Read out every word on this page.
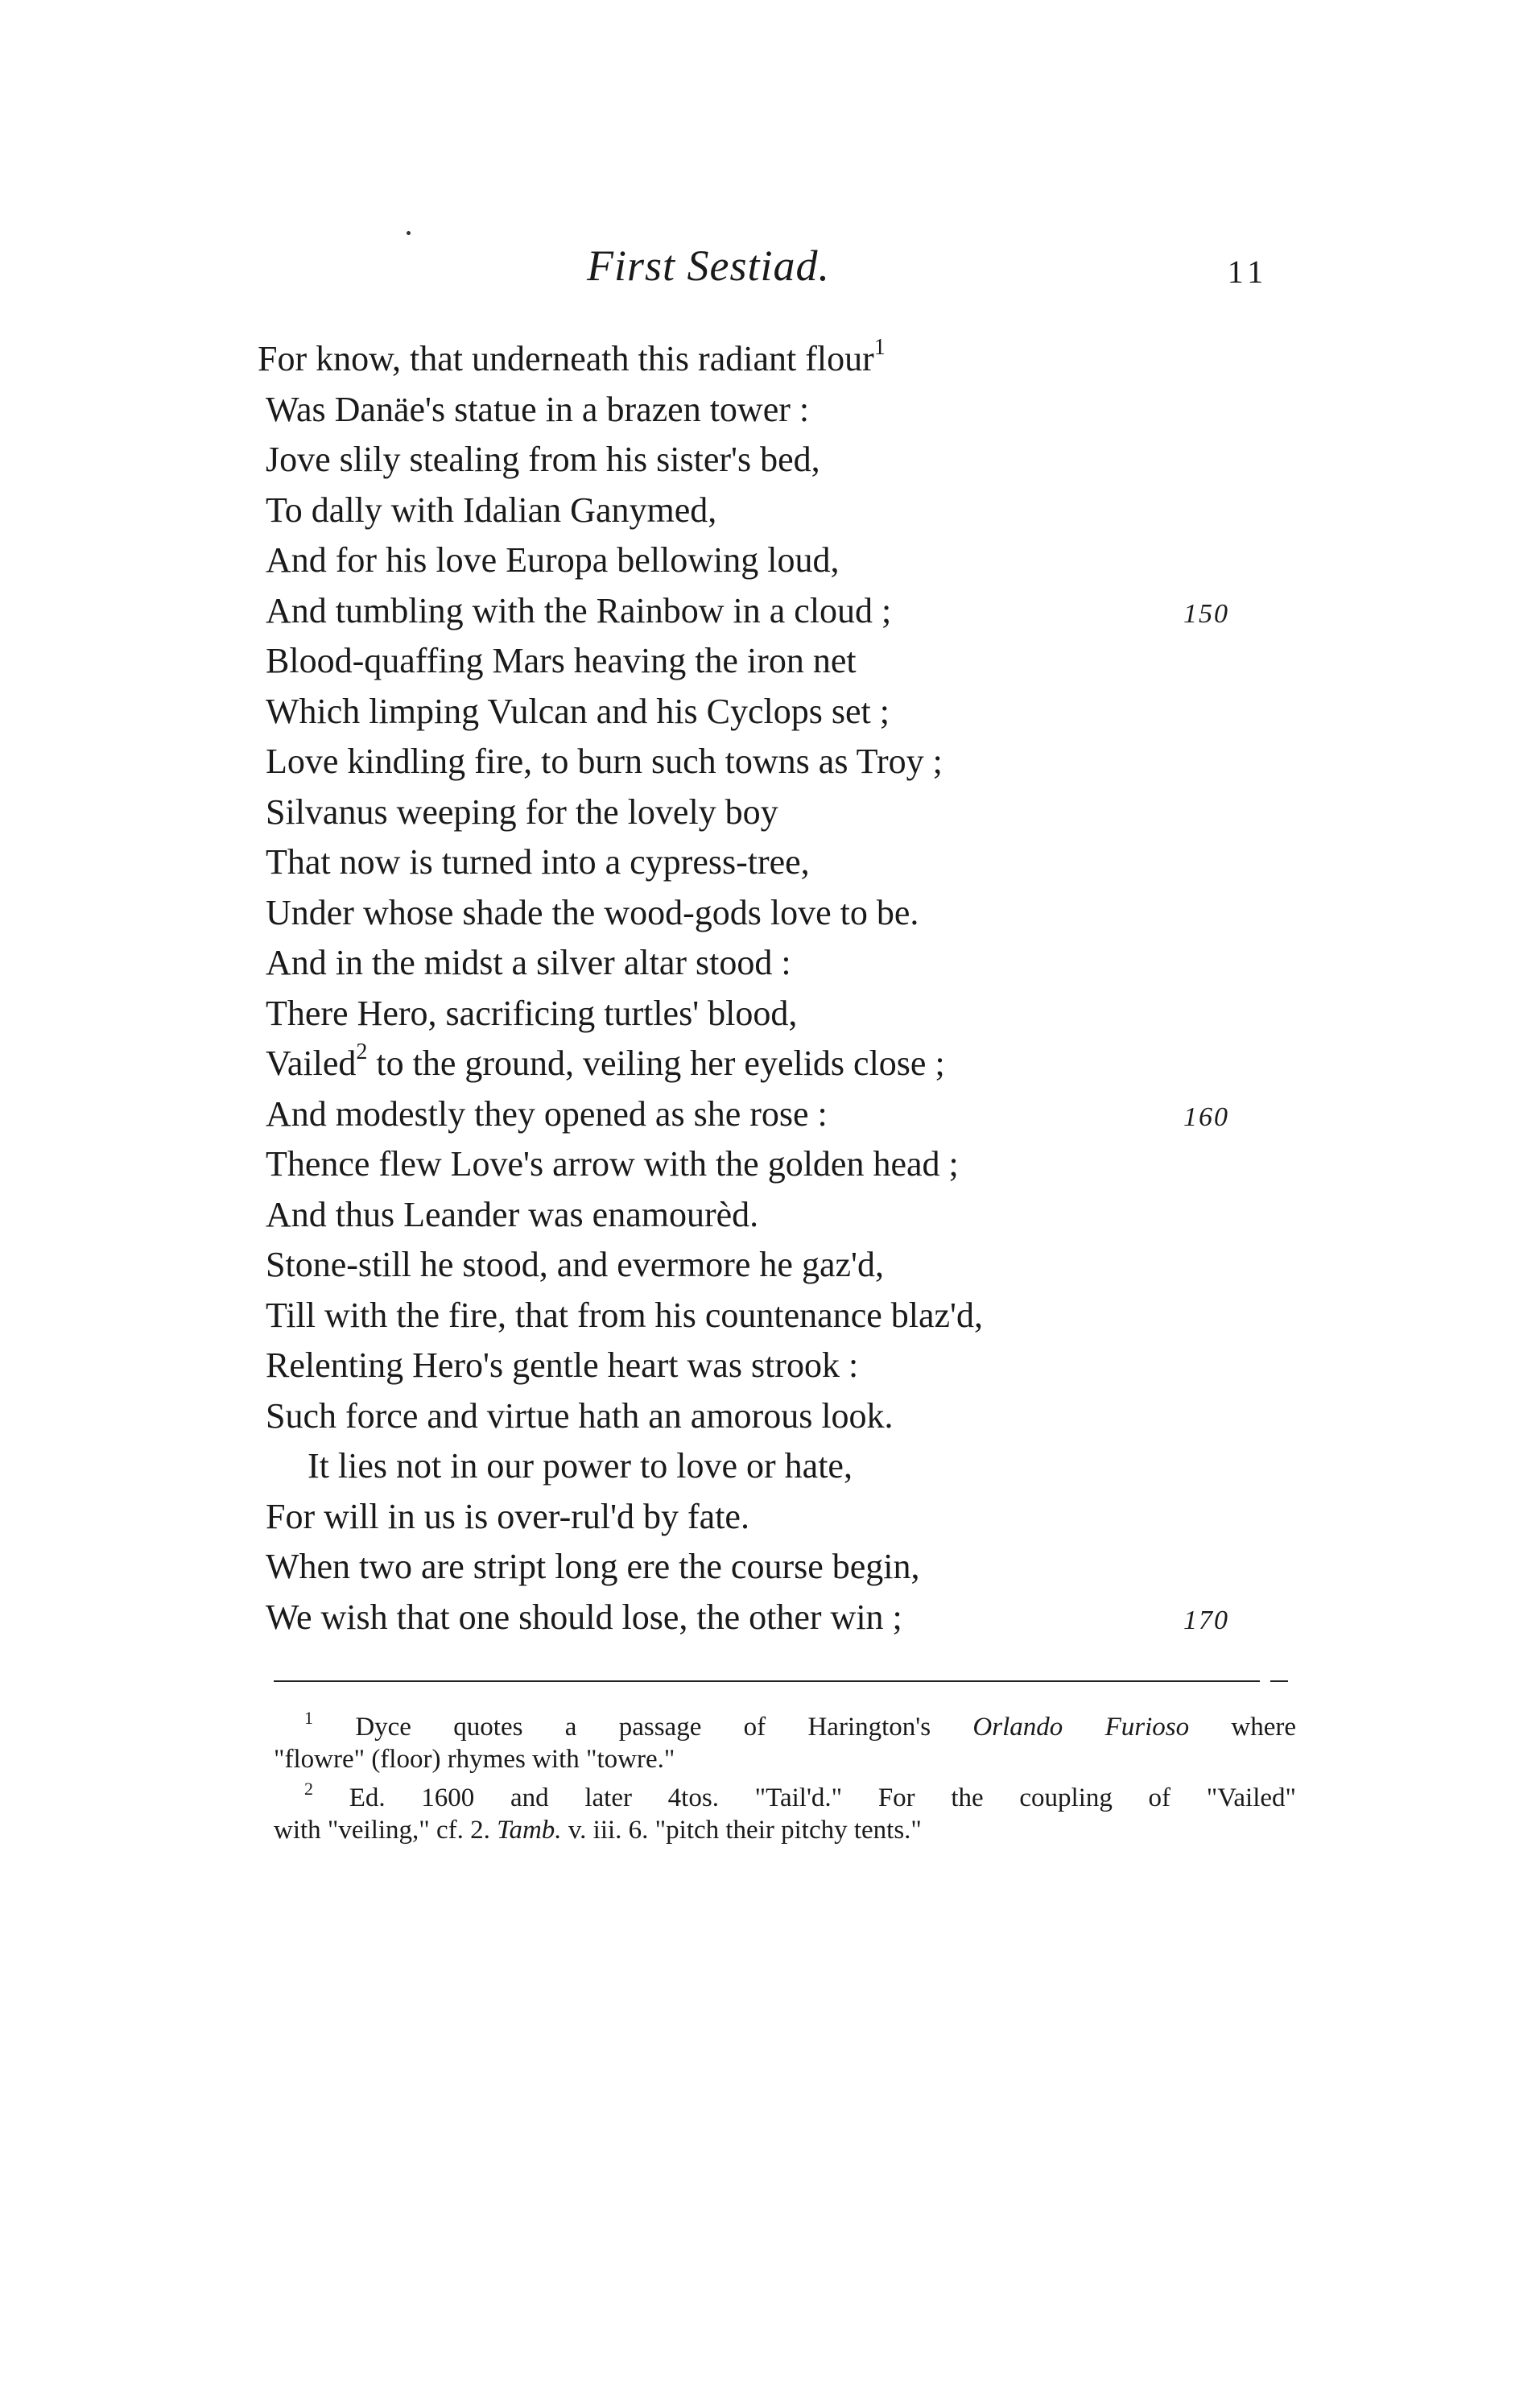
First Sestiad.	11
For know, that underneath this radiant flour$^1$
Was Danäe's statue in a brazen tower :
Jove slily stealing from his sister's bed,
To dally with Idalian Ganymed,
And for his love Europa bellowing loud,
And tumbling with the Rainbow in a cloud ;	150
Blood-quaffing Mars heaving the iron net
Which limping Vulcan and his Cyclops set ;
Love kindling fire, to burn such towns as Troy ;
Silvanus weeping for the lovely boy
That now is turned into a cypress-tree,
Under whose shade the wood-gods love to be.
And in the midst a silver altar stood :
There Hero, sacrificing turtles' blood,
Vailed$^2$ to the ground, veiling her eyelids close ;
And modestly they opened as she rose :	160
Thence flew Love's arrow with the golden head ;
And thus Leander was enamourèd.
Stone-still he stood, and evermore he gaz'd,
Till with the fire, that from his countenance blaz'd,
Relenting Hero's gentle heart was strook :
Such force and virtue hath an amorous look.
It lies not in our power to love or hate,
For will in us is over-rul'd by fate.
When two are stript long ere the course begin,
We wish that one should lose, the other win ;	170
$^1$ Dyce quotes a passage of Harington's Orlando Furioso where
"flowre" (floor) rhymes with "towre."
$^2$ Ed. 1600 and later 4tos. "Tail'd." For the coupling of "Vailed"
with "veiling," cf. 2. Tamb. v. iii. 6. "pitch their pitchy tents."
